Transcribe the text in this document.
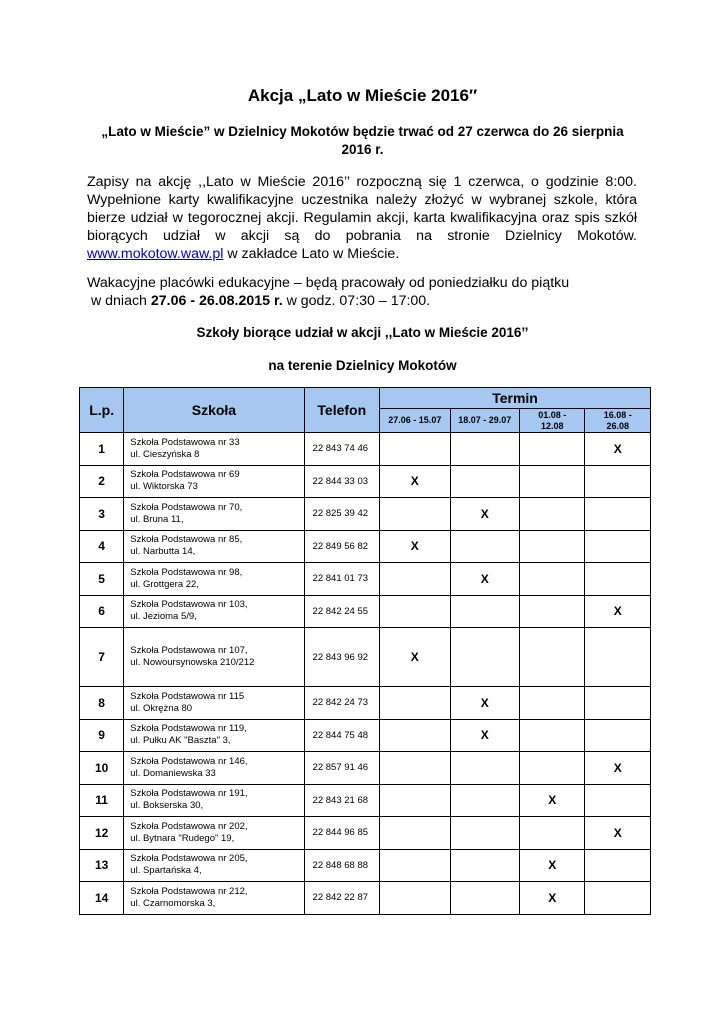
Akcja „Lato w Mieście 2016″
„Lato w Mieście” w Dzielnicy Mokotów będzie trwać od 27 czerwca do 26 sierpnia 2016 r.
Zapisy na akcję ,,Lato w Mieście 2016’’ rozpoczną się 1 czerwca, o godzinie 8:00. Wypełnione karty kwalifikacyjne uczestnika należy złożyć w wybranej szkole, która bierze udział w tegorocznej akcji. Regulamin akcji, karta kwalifikacyjna oraz spis szkół biorących udział w akcji są do pobrania na stronie Dzielnicy Mokotów. www.mokotow.waw.pl w zakładce Lato w Mieście.
Wakacyjne placówki edukacyjne – będą pracowały od poniedziałku do piątku
w dniach 27.06 - 26.08.2015 r. w godz. 07:30 – 17:00.
Szkoły biorące udział w akcji ,,Lato w Mieście 2016’’
na terenie Dzielnicy Mokotów
L.p.	Szkoła	Telefon	Termin			
			27.06 - 15.07	18.07 - 29.07	01.08 - 12.08	16.08 - 26.08
1	Szkoła Podstawowa nr 33
ul. Cieszyńska 8	22 843 74 46				X
2	Szkoła Podstawowa nr 69
ul. Wiktorska 73	22 844 33 03	X			
3	Szkoła Podstawowa nr 70,
ul. Bruna 11,	22 825 39 42		X		
4	Szkoła Podstawowa nr 85,
ul. Narbutta 14,	22 849 56 82	X			
5	Szkoła Podstawowa nr 98,
ul. Grottgera 22,	22 841 01 73		X		
6	Szkoła Podstawowa nr 103,
ul. Jezioma 5/9,	22 842 24 55				X
7	Szkoła Podstawowa nr 107,
ul. Nowoursynowska 210/212	22 843 96 92	X			
8	Szkoła Podstawowa nr 115
ul. Okrężna 80	22 842 24 73		X		
9	Szkoła Podstawowa nr 119,
ul. Pułku AK "Baszta" 3,	22 844 75 48		X		
10	Szkoła Podstawowa nr 146,
ul. Domaniewska 33	22 857 91 46				X
11	Szkoła Podstawowa nr 191,
ul. Bokserska 30,	22 843 21 68			X	
12	Szkoła Podstawowa nr 202,
ul. Bytnara "Rudego" 19,	22 844 96 85				X
13	Szkoła Podstawowa nr 205,
ul. Spartańska 4,	22 848 68 88			X	
14	Szkoła Podstawowa nr 212,
ul. Czarnomorska 3,	22 842 22 87			X	
